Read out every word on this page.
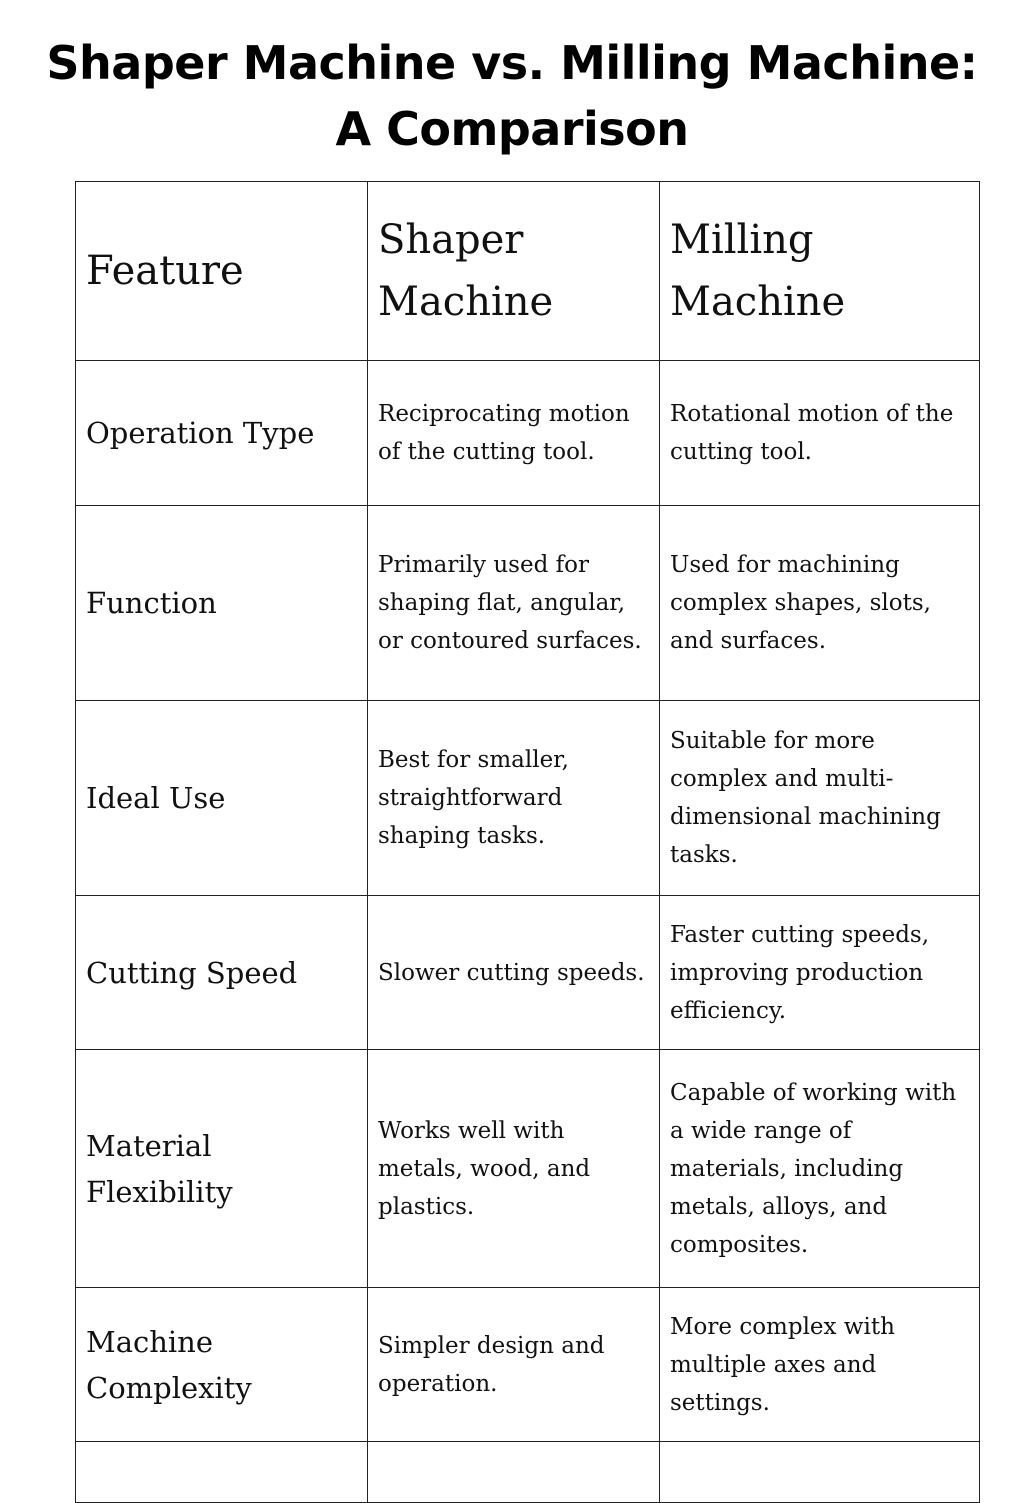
Shaper Machine vs. Milling Machine:
A Comparison
Feature	Shaper Machine	Milling Machine
Operation Type	Reciprocating motion of the cutting tool.	Rotational motion of the cutting tool.
Function	Primarily used for shaping flat, angular, or contoured surfaces.	Used for machining complex shapes, slots, and surfaces.
Ideal Use	Best for smaller, straightforward shaping tasks.	Suitable for more complex and multi-dimensional machining tasks.
Cutting Speed	Slower cutting speeds.	Faster cutting speeds, improving production efficiency.
Material Flexibility	Works well with metals, wood, and plastics.	Capable of working with a wide range of materials, including metals, alloys, and composites.
Machine Complexity	Simpler design and operation.	More complex with multiple axes and settings.
